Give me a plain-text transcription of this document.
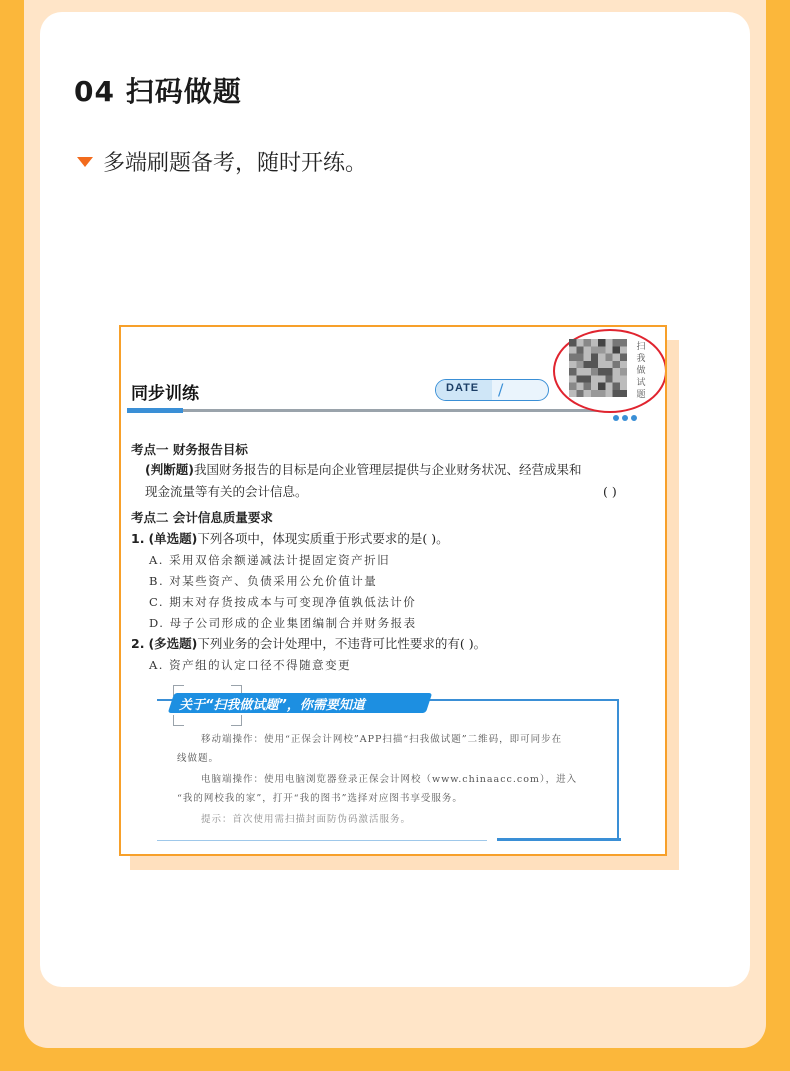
04 扫码做题
多端刷题备考，随时开练。
同步训练	DATE /
扫我做试题
考点一 财务报告目标
(判断题)我国财务报告的目标是向企业管理层提供与企业财务状况、经营成果和
现金流量等有关的会计信息。	( )
考点二 会计信息质量要求
1. (单选题)下列各项中，体现实质重于形式要求的是( )。
A. 采用双倍余额递减法计提固定资产折旧
B. 对某些资产、负债采用公允价值计量
C. 期末对存货按成本与可变现净值孰低法计价
D. 母子公司形成的企业集团编制合并财务报表
2. (多选题)下列业务的会计处理中，不违背可比性要求的有( )。
A. 资产组的认定口径不得随意变更
关于“扫我做试题”，你需要知道
移动端操作：使用“正保会计网校”APP扫描“扫我做试题”二维码，即可同步在
线做题。
电脑端操作：使用电脑浏览器登录正保会计网校（www.chinaacc.com），进入
“我的网校我的家”，打开“我的图书”选择对应图书享受服务。
提示：首次使用需扫描封面防伪码激活服务。
